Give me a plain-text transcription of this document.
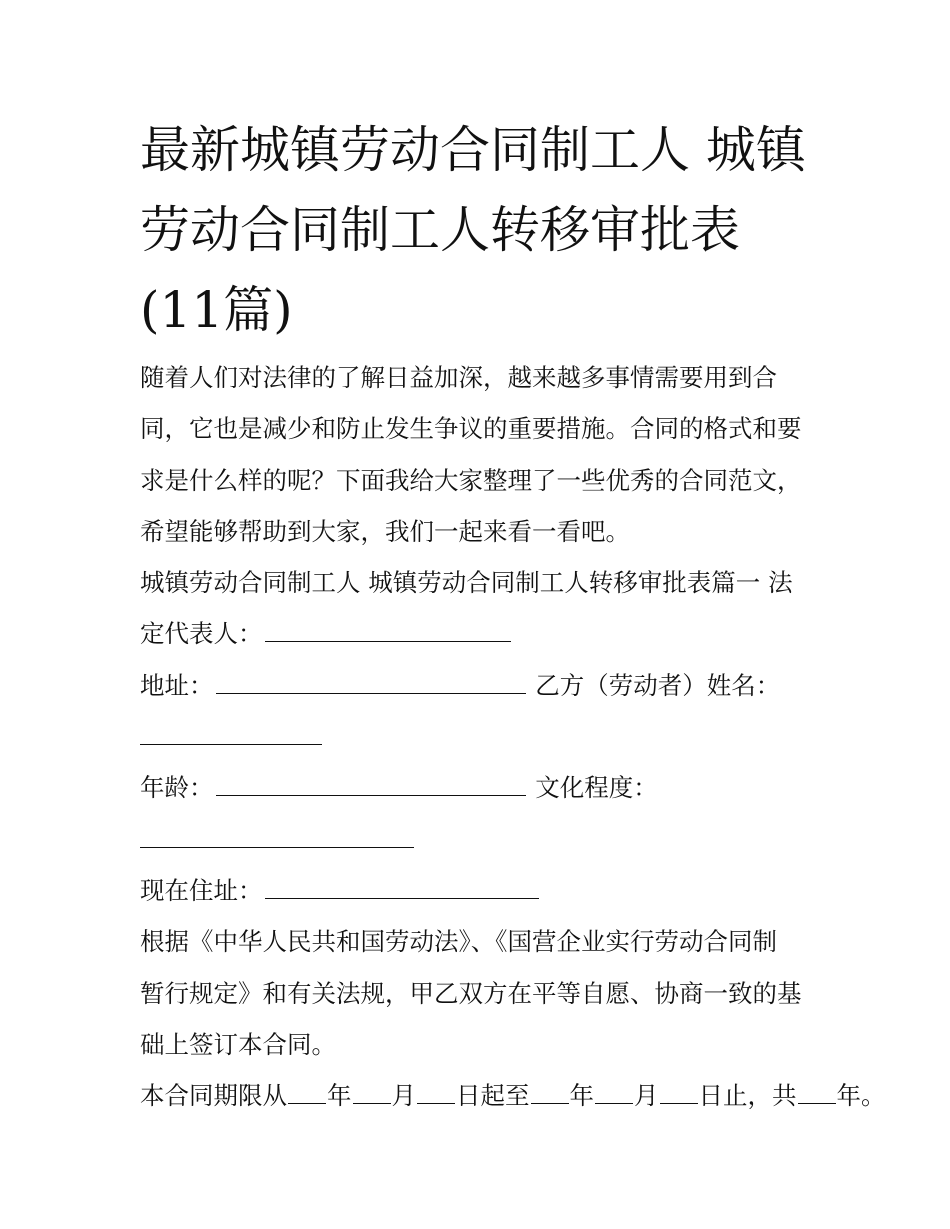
最新城镇劳动合同制工人 城镇劳动合同制工人转移审批表(11篇)
随着人们对法律的了解日益加深，越来越多事情需要用到合
同，它也是减少和防止发生争议的重要措施。合同的格式和要
求是什么样的呢？下面我给大家整理了一些优秀的合同范文，
希望能够帮助到大家，我们一起来看一看吧。
城镇劳动合同制工人 城镇劳动合同制工人转移审批表篇一 法
定代表人：
地址：	乙方（劳动者）姓名：
年龄：	文化程度：
现在住址：
根据《中华人民共和国劳动法》、《国营企业实行劳动合同制
暂行规定》和有关法规，甲乙双方在平等自愿、协商一致的基
础上签订本合同。
本合同期限从 年 月 日起至 年 月 日止，共 年。
